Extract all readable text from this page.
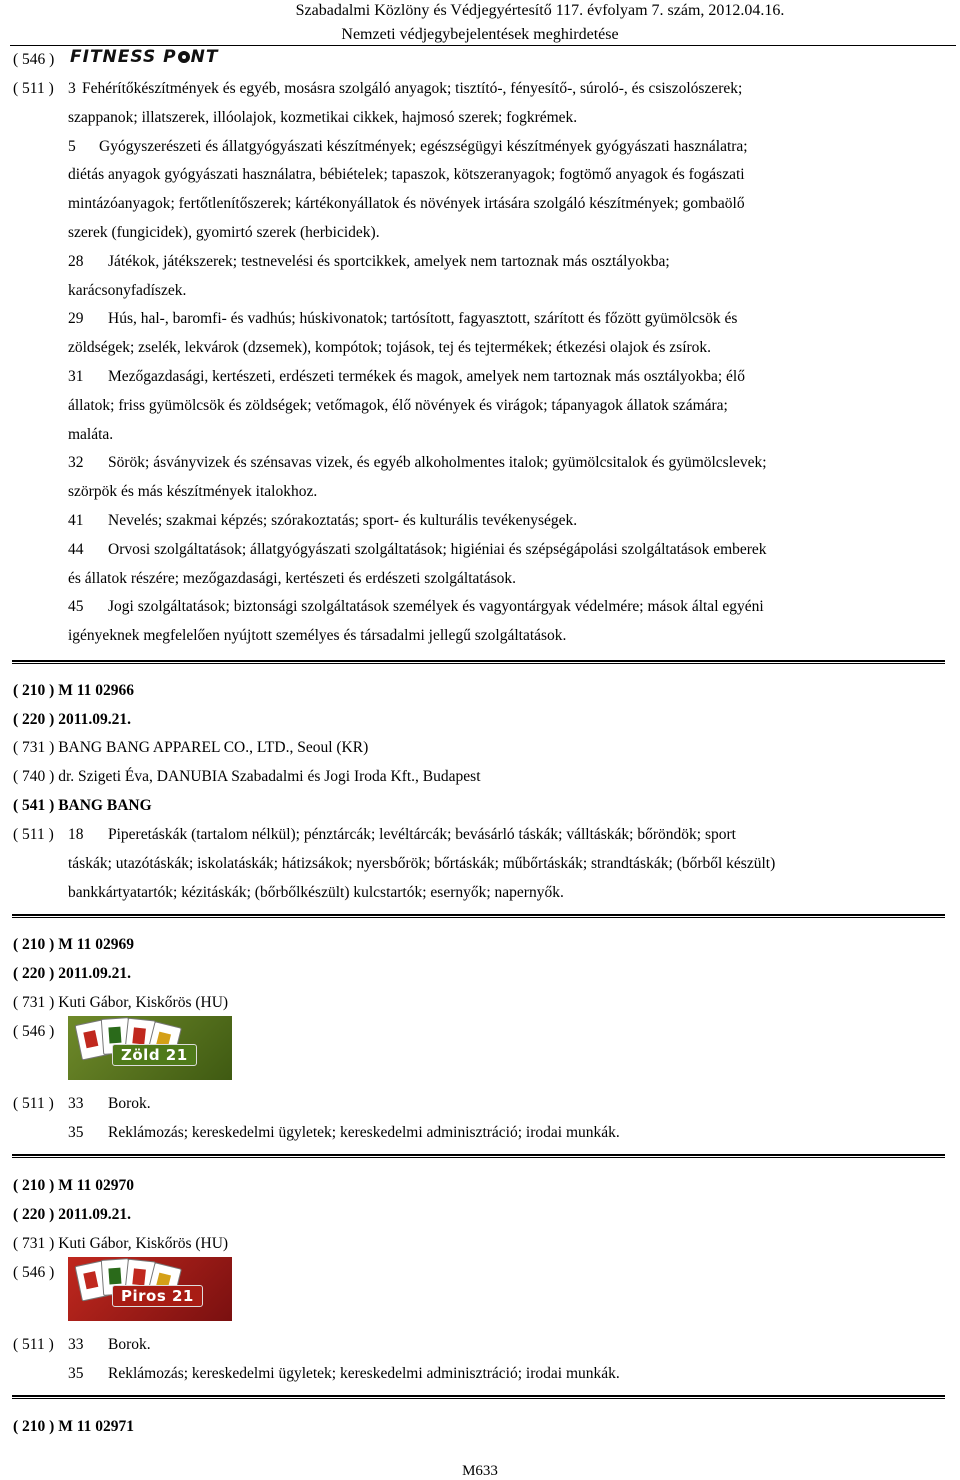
Szabadalmi Közlöny és Védjegyértesítő 117. évfolyam 7. szám, 2012.04.16.
Nemzeti védjegybejelentések meghirdetése
( 546 ) FITNESS P NT
( 511 ) 3 Fehérítőkészítmények és egyéb, mosásra szolgáló anyagok; tisztító-, fényesítő-, súroló-, és csiszolószerek;
szappanok; illatszerek, illóolajok, kozmetikai cikkek, hajmosó szerek; fogkrémek.
5 Gyógyszerészeti és állatgyógyászati készítmények; egészségügyi készítmények gyógyászati használatra;
diétás anyagok gyógyászati használatra, bébiételek; tapaszok, kötszeranyagok; fogtömő anyagok és fogászati
mintázóanyagok; fertőtlenítőszerek; kártékonyállatok és növények irtására szolgáló készítmények; gombaölő
szerek (fungicidek), gyomirtó szerek (herbicidek).
28 Játékok, játékszerek; testnevelési és sportcikkek, amelyek nem tartoznak más osztályokba;
karácsonyfadíszek.
29 Hús, hal-, baromfi- és vadhús; húskivonatok; tartósított, fagyasztott, szárított és főzött gyümölcsök és
zöldségek; zselék, lekvárok (dzsemek), kompótok; tojások, tej és tejtermékek; étkezési olajok és zsírok.
31 Mezőgazdasági, kertészeti, erdészeti termékek és magok, amelyek nem tartoznak más osztályokba; élő
állatok; friss gyümölcsök és zöldségek; vetőmagok, élő növények és virágok; tápanyagok állatok számára;
maláta.
32 Sörök; ásványvizek és szénsavas vizek, és egyéb alkoholmentes italok; gyümölcsitalok és gyümölcslevek;
szörpök és más készítmények italokhoz.
41 Nevelés; szakmai képzés; szórakoztatás; sport- és kulturális tevékenységek.
44 Orvosi szolgáltatások; állatgyógyászati szolgáltatások; higiéniai és szépségápolási szolgáltatások emberek
és állatok részére; mezőgazdasági, kertészeti és erdészeti szolgáltatások.
45 Jogi szolgáltatások; biztonsági szolgáltatások személyek és vagyontárgyak védelmére; mások által egyéni
igényeknek megfelelően nyújtott személyes és társadalmi jellegű szolgáltatások.
( 210 ) M 11 02966
( 220 ) 2011.09.21.
( 731 ) BANG BANG APPAREL CO., LTD., Seoul (KR)
( 740 ) dr. Szigeti Éva, DANUBIA Szabadalmi és Jogi Iroda Kft., Budapest
( 541 ) BANG BANG
( 511 ) 18 Piperetáskák (tartalom nélkül); pénztárcák; levéltárcák; bevásárló táskák; válltáskák; bőröndök; sport
táskák; utazótáskák; iskolatáskák; hátizsákok; nyersbőrök; bőrtáskák; műbőrtáskák; strandtáskák; (bőrből készült)
bankkártyatartók; kézitáskák; (bőrbőlkészült) kulcstartók; esernyők; napernyők.
( 210 ) M 11 02969
( 220 ) 2011.09.21.
( 731 ) Kuti Gábor, Kiskőrös (HU)
( 546 )
Zöld 21
( 511 ) 33 Borok.
35 Reklámozás; kereskedelmi ügyletek; kereskedelmi adminisztráció; irodai munkák.
( 210 ) M 11 02970
( 220 ) 2011.09.21.
( 731 ) Kuti Gábor, Kiskőrös (HU)
( 546 )
Piros 21
( 511 ) 33 Borok.
35 Reklámozás; kereskedelmi ügyletek; kereskedelmi adminisztráció; irodai munkák.
( 210 ) M 11 02971
M633
